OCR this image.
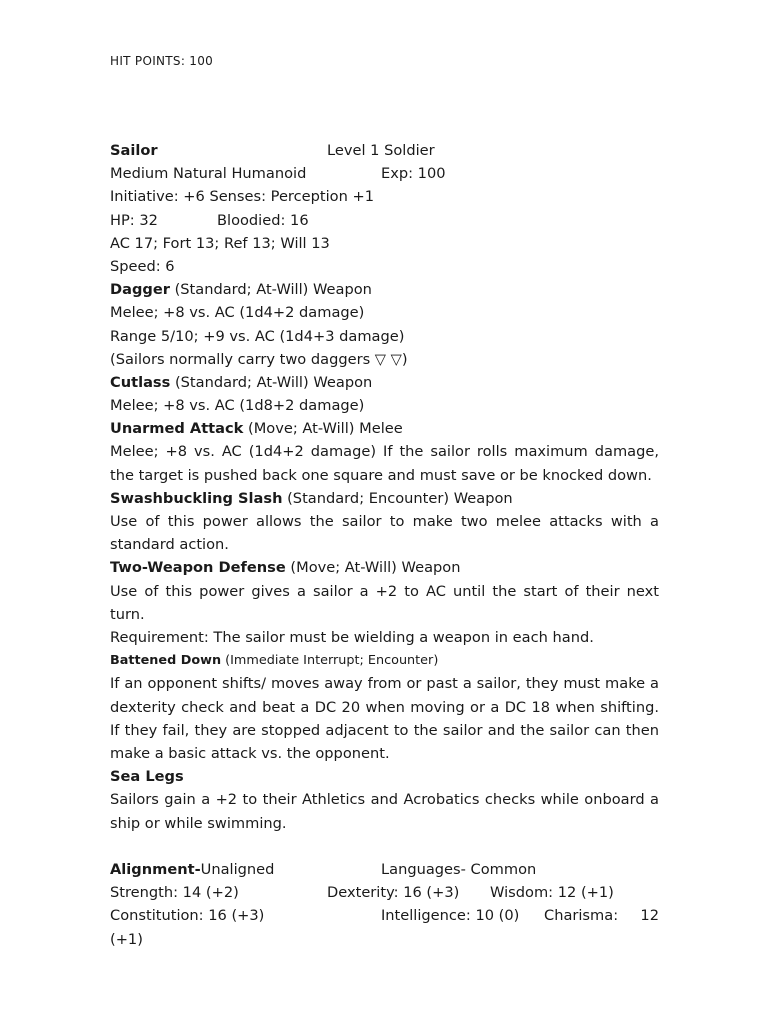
HIT POINTS: 100
Sailor	Level 1 Soldier
Medium Natural Humanoid	Exp: 100
Initiative: +6 Senses: Perception +1
HP: 32	Bloodied: 16
AC 17; Fort 13; Ref 13; Will 13
Speed: 6
Dagger (Standard; At-Will) Weapon
Melee; +8 vs. AC (1d4+2 damage)
Range 5/10; +9 vs. AC (1d4+3 damage)
(Sailors normally carry two daggers ▽ ▽)
Cutlass (Standard; At-Will) Weapon
Melee; +8 vs. AC (1d8+2 damage)
Unarmed Attack (Move; At-Will) Melee
Melee; +8 vs. AC (1d4+2 damage) If the sailor rolls maximum damage, the target is pushed back one square and must save or be knocked down.
Swashbuckling Slash (Standard; Encounter) Weapon
Use of this power allows the sailor to make two melee attacks with a standard action.
Two-Weapon Defense (Move; At-Will) Weapon
Use of this power gives a sailor a +2 to AC until the start of their next turn.
Requirement: The sailor must be wielding a weapon in each hand.
Battened Down (Immediate Interrupt; Encounter)
If an opponent shifts/ moves away from or past a sailor, they must make a dexterity check and beat a DC 20 when moving or a DC 18 when shifting. If they fail, they are stopped adjacent to the sailor and the sailor can then make a basic attack vs. the opponent.
Sea Legs
Sailors gain a +2 to their Athletics and Acrobatics checks while onboard a ship or while swimming.
Alignment-Unaligned	Languages- Common
Strength: 14 (+2)	Dexterity: 16 (+3) Wisdom: 12 (+1)
Constitution: 16 (+3)	Intelligence: 10 (0) Charisma: 12
(+1)
